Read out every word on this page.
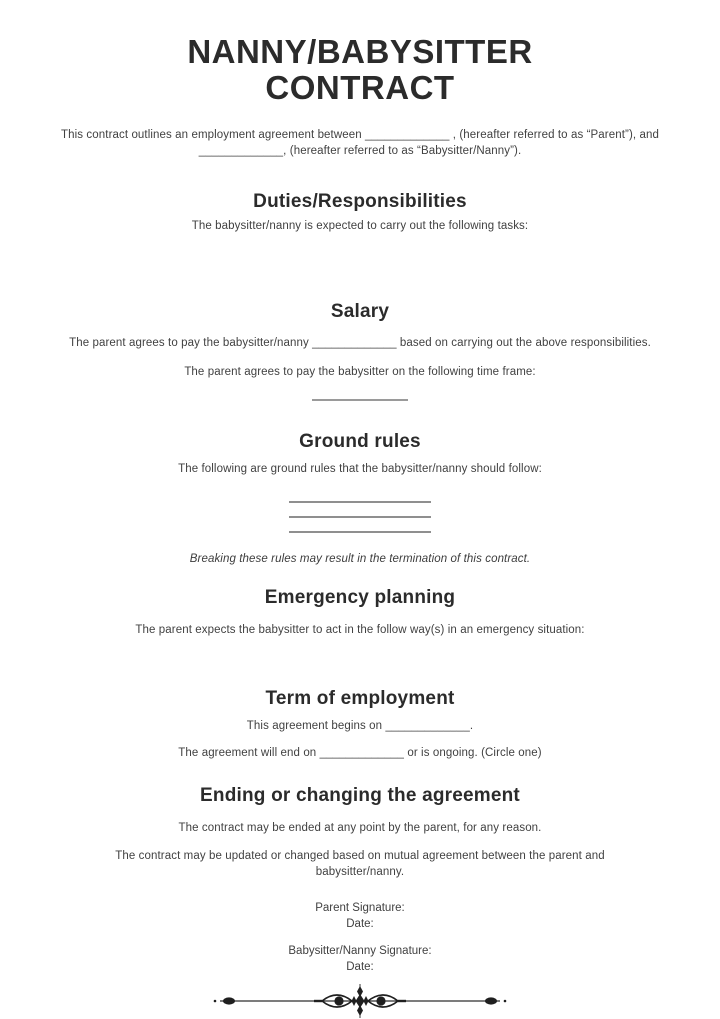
NANNY/BABYSITTER
CONTRACT

This contract outlines an employment agreement between _____________ , (hereafter referred to as “Parent”), and _____________, (hereafter referred to as “Babysitter/Nanny”).

Duties/Responsibilities

The babysitter/nanny is expected to carry out the following tasks:

Salary

The parent agrees to pay the babysitter/nanny _____________ based on carrying out the above responsibilities.

The parent agrees to pay the babysitter on the following time frame:

Ground rules

The following are ground rules that the babysitter/nanny should follow:

Breaking these rules may result in the termination of this contract.

Emergency planning

The parent expects the babysitter to act in the follow way(s) in an emergency situation:

Term of employment

This agreement begins on _____________.

The agreement will end on _____________ or is ongoing. (Circle one)

Ending or changing the agreement

The contract may be ended at any point by the parent, for any reason.

The contract may be updated or changed based on mutual agreement between the parent and babysitter/nanny.

Parent Signature:

Date:

Babysitter/Nanny Signature:

Date:
